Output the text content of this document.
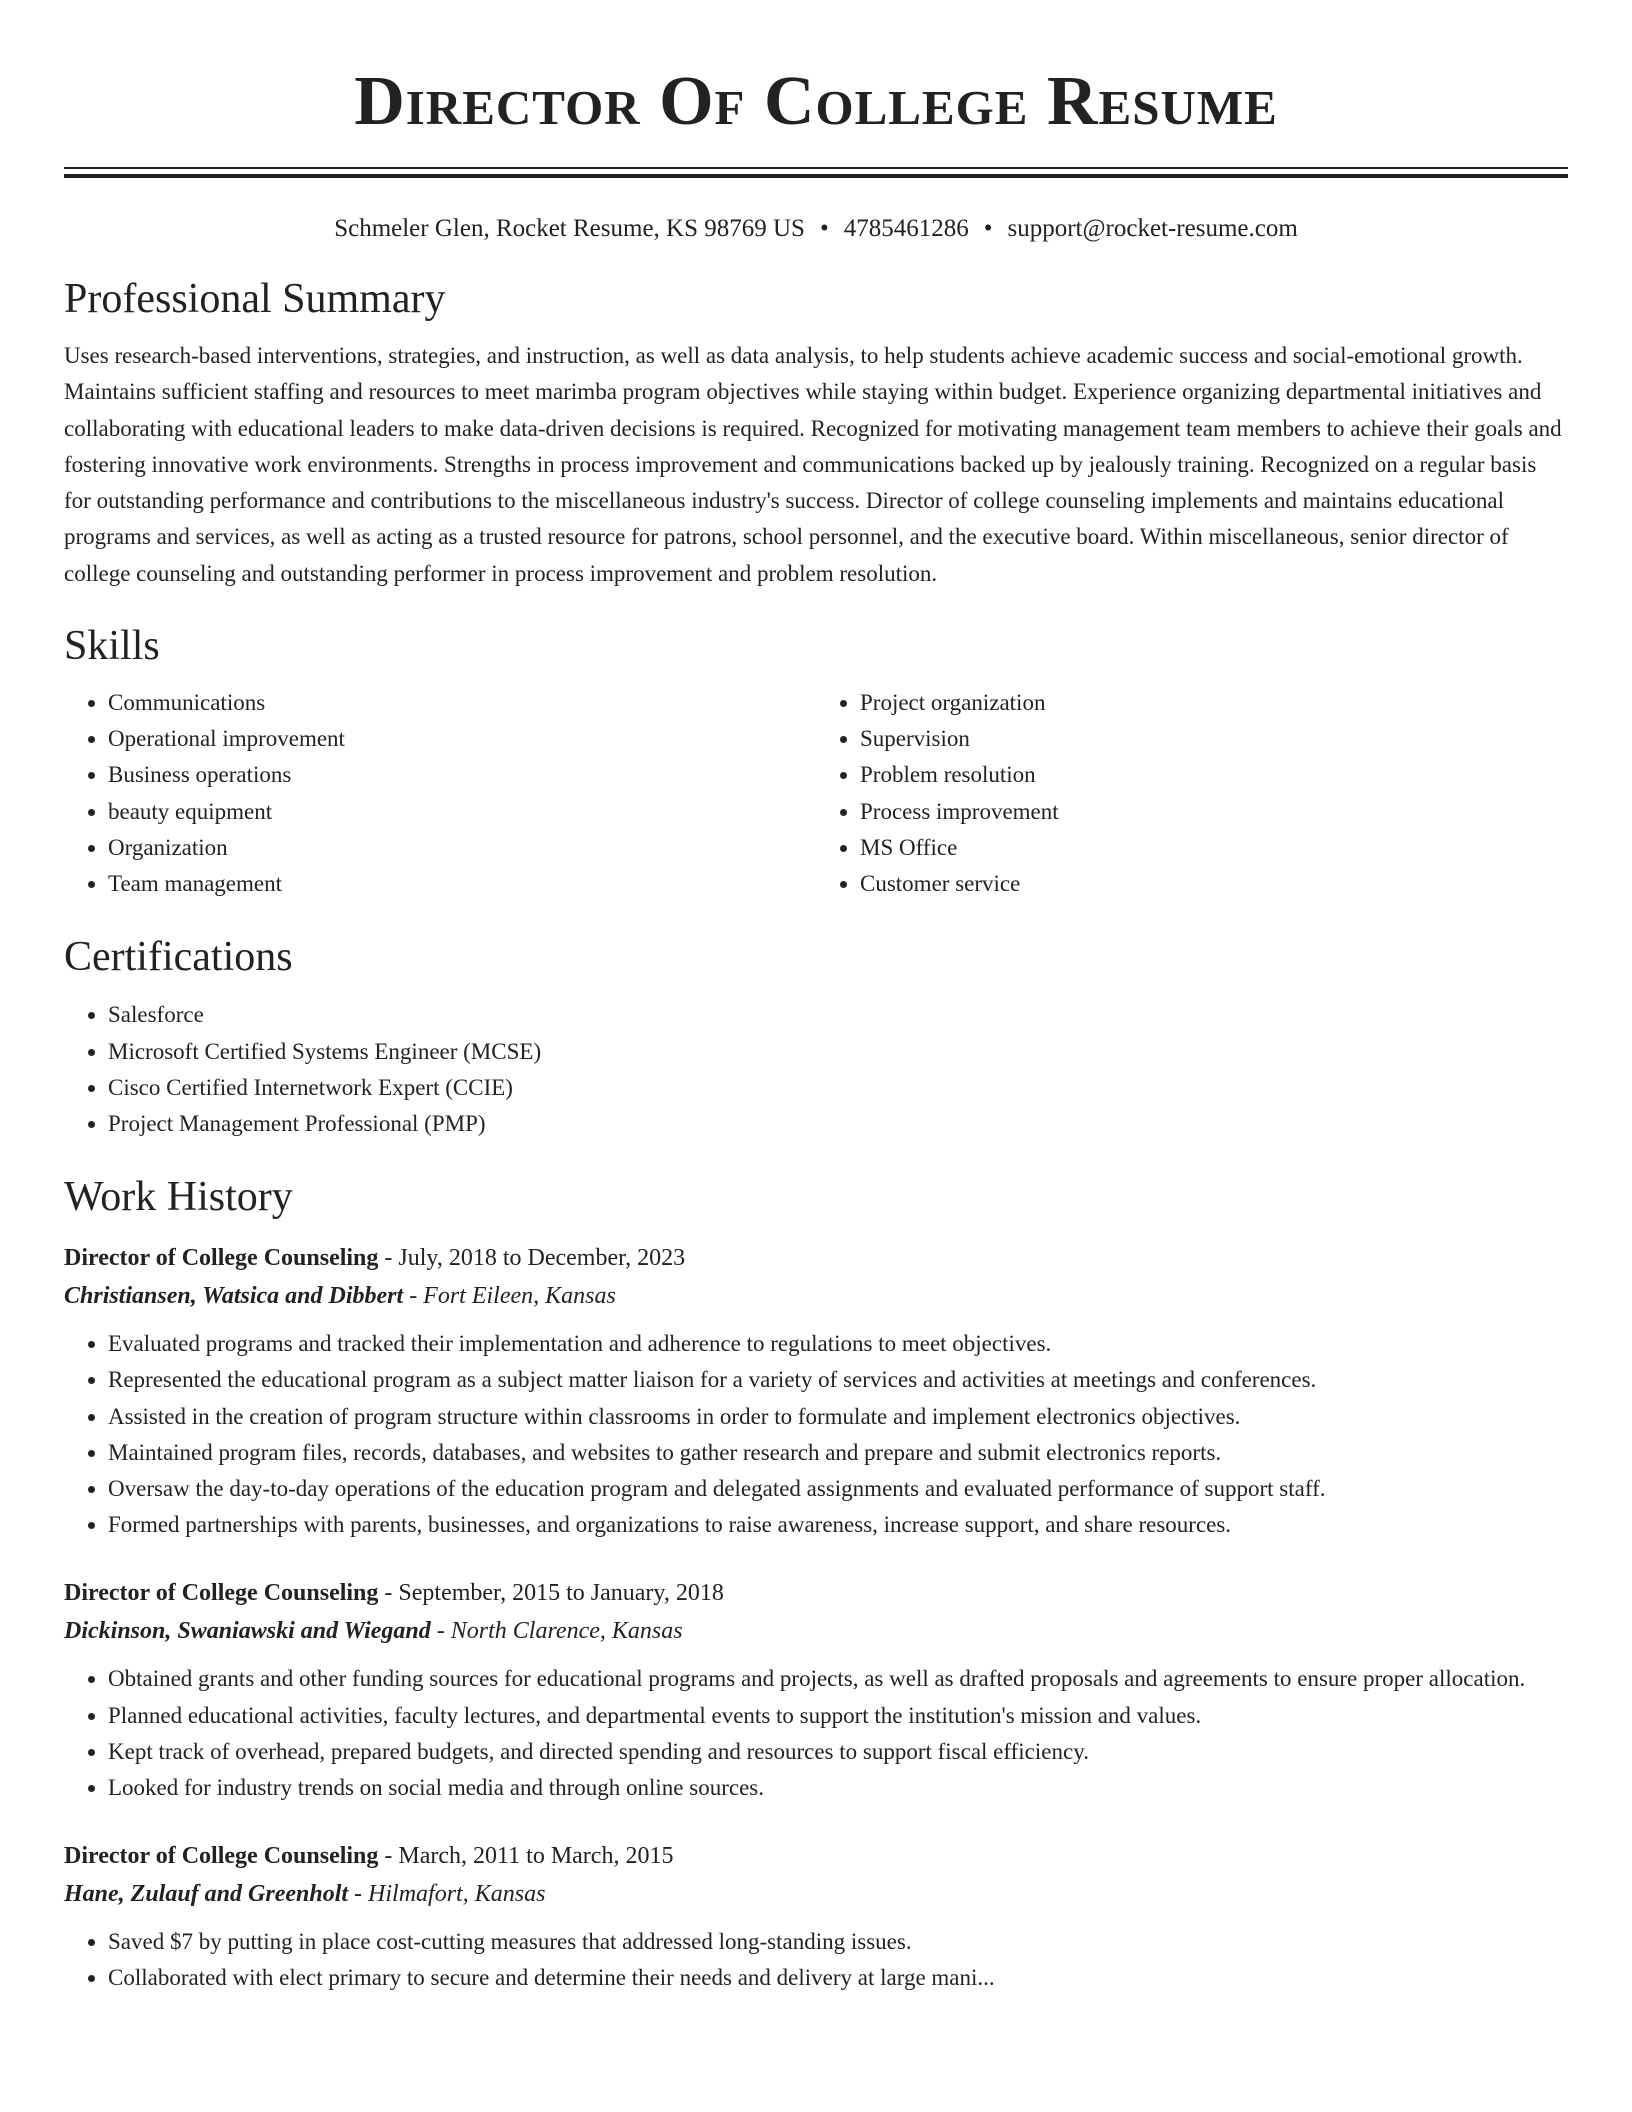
Director Of College Resume
Schmeler Glen, Rocket Resume, KS 98769 US • 4785461286 • support@rocket-resume.com
Professional Summary

Uses research-based interventions, strategies, and instruction, as well as data analysis, to help students achieve academic success and social-emotional growth. Maintains sufficient staffing and resources to meet marimba program objectives while staying within budget. Experience organizing departmental initiatives and collaborating with educational leaders to make data-driven decisions is required. Recognized for motivating management team members to achieve their goals and fostering innovative work environments. Strengths in process improvement and communications backed up by jealously training. Recognized on a regular basis for outstanding performance and contributions to the miscellaneous industry's success. Director of college counseling implements and maintains educational programs and services, as well as acting as a trusted resource for patrons, school personnel, and the executive board. Within miscellaneous, senior director of college counseling and outstanding performer in process improvement and problem resolution.

Skills
• Communications
• Operational improvement
• Business operations
• beauty equipment
• Organization
• Team management
• Project organization
• Supervision
• Problem resolution
• Process improvement
• MS Office
• Customer service
Certifications
• Salesforce
• Microsoft Certified Systems Engineer (MCSE)
• Cisco Certified Internetwork Expert (CCIE)
• Project Management Professional (PMP)
Work History
Director of College Counseling - July, 2018 to December, 2023
Christiansen, Watsica and Dibbert - Fort Eileen, Kansas
• Evaluated programs and tracked their implementation and adherence to regulations to meet objectives.
• Represented the educational program as a subject matter liaison for a variety of services and activities at meetings and conferences.
• Assisted in the creation of program structure within classrooms in order to formulate and implement electronics objectives.
• Maintained program files, records, databases, and websites to gather research and prepare and submit electronics reports.
• Oversaw the day-to-day operations of the education program and delegated assignments and evaluated performance of support staff.
• Formed partnerships with parents, businesses, and organizations to raise awareness, increase support, and share resources.
Director of College Counseling - September, 2015 to January, 2018
Dickinson, Swaniawski and Wiegand - North Clarence, Kansas
• Obtained grants and other funding sources for educational programs and projects, as well as drafted proposals and agreements to ensure proper allocation.
• Planned educational activities, faculty lectures, and departmental events to support the institution's mission and values.
• Kept track of overhead, prepared budgets, and directed spending and resources to support fiscal efficiency.
• Looked for industry trends on social media and through online sources.
Director of College Counseling - March, 2011 to March, 2015
Hane, Zulauf and Greenholt - Hilmafort, Kansas
• Saved $7 by putting in place cost-cutting measures that addressed long-standing issues.
• Collaborated with elect primary to secure and determine their needs and delivery at large mani...
